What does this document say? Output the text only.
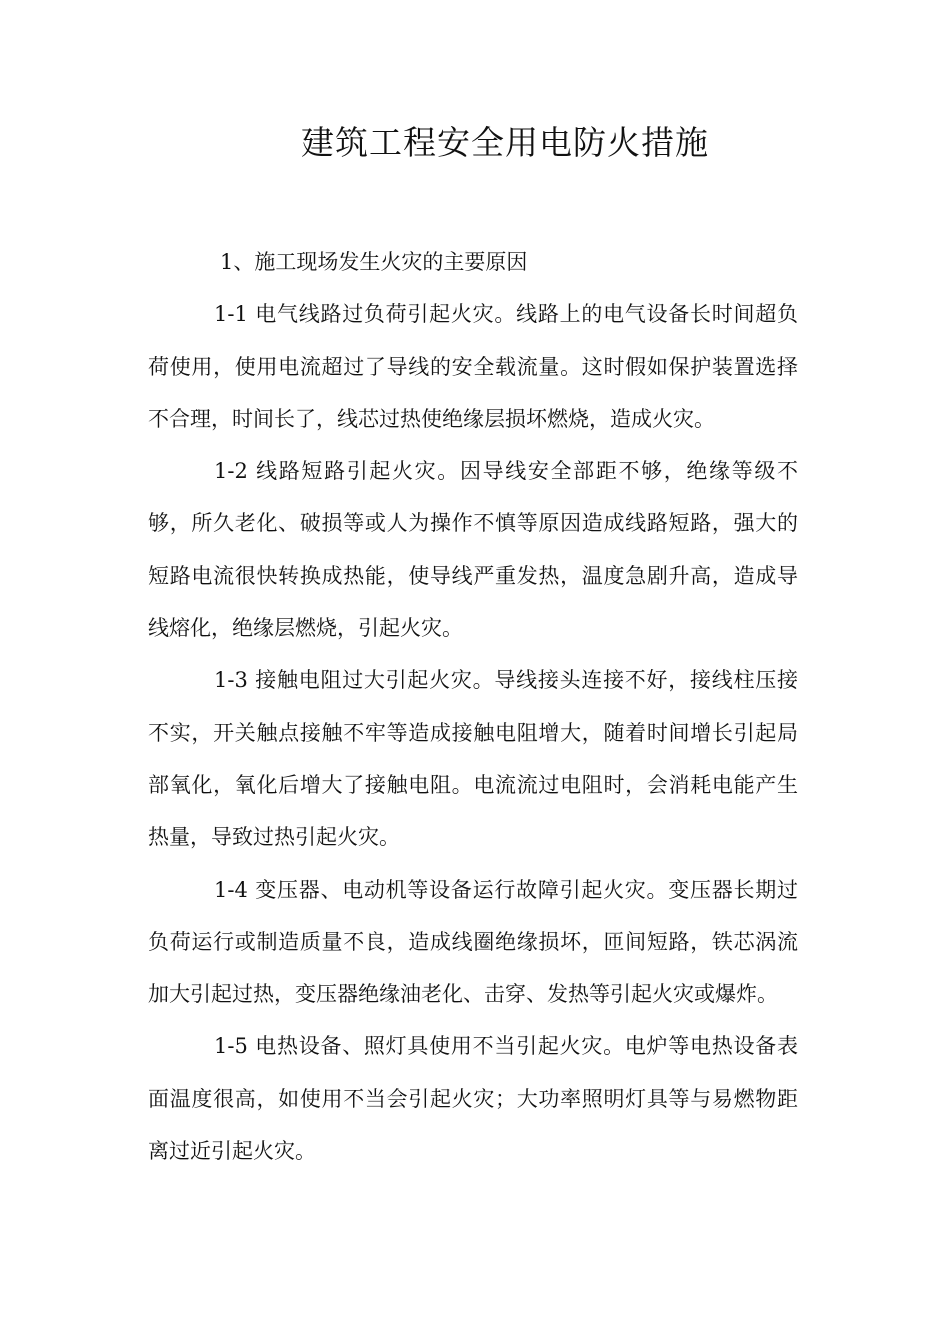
建筑工程安全用电防火措施

1、施工现场发生火灾的主要原因

1-1 电气线路过负荷引起火灾。线路上的电气设备长时间超负荷使用，使用电流超过了导线的安全载流量。这时假如保护装置选择不合理，时间长了，线芯过热使绝缘层损坏燃烧，造成火灾。

1-2 线路短路引起火灾。因导线安全部距不够，绝缘等级不够，所久老化、破损等或人为操作不慎等原因造成线路短路，强大的短路电流很快转换成热能，使导线严重发热，温度急剧升高，造成导线熔化，绝缘层燃烧，引起火灾。

1-3 接触电阻过大引起火灾。导线接头连接不好，接线柱压接不实，开关触点接触不牢等造成接触电阻增大，随着时间增长引起局部氧化，氧化后增大了接触电阻。电流流过电阻时，会消耗电能产生热量，导致过热引起火灾。

1-4 变压器、电动机等设备运行故障引起火灾。变压器长期过负荷运行或制造质量不良，造成线圈绝缘损坏，匝间短路，铁芯涡流加大引起过热，变压器绝缘油老化、击穿、发热等引起火灾或爆炸。

1-5 电热设备、照灯具使用不当引起火灾。电炉等电热设备表面温度很高，如使用不当会引起火灾；大功率照明灯具等与易燃物距离过近引起火灾。
